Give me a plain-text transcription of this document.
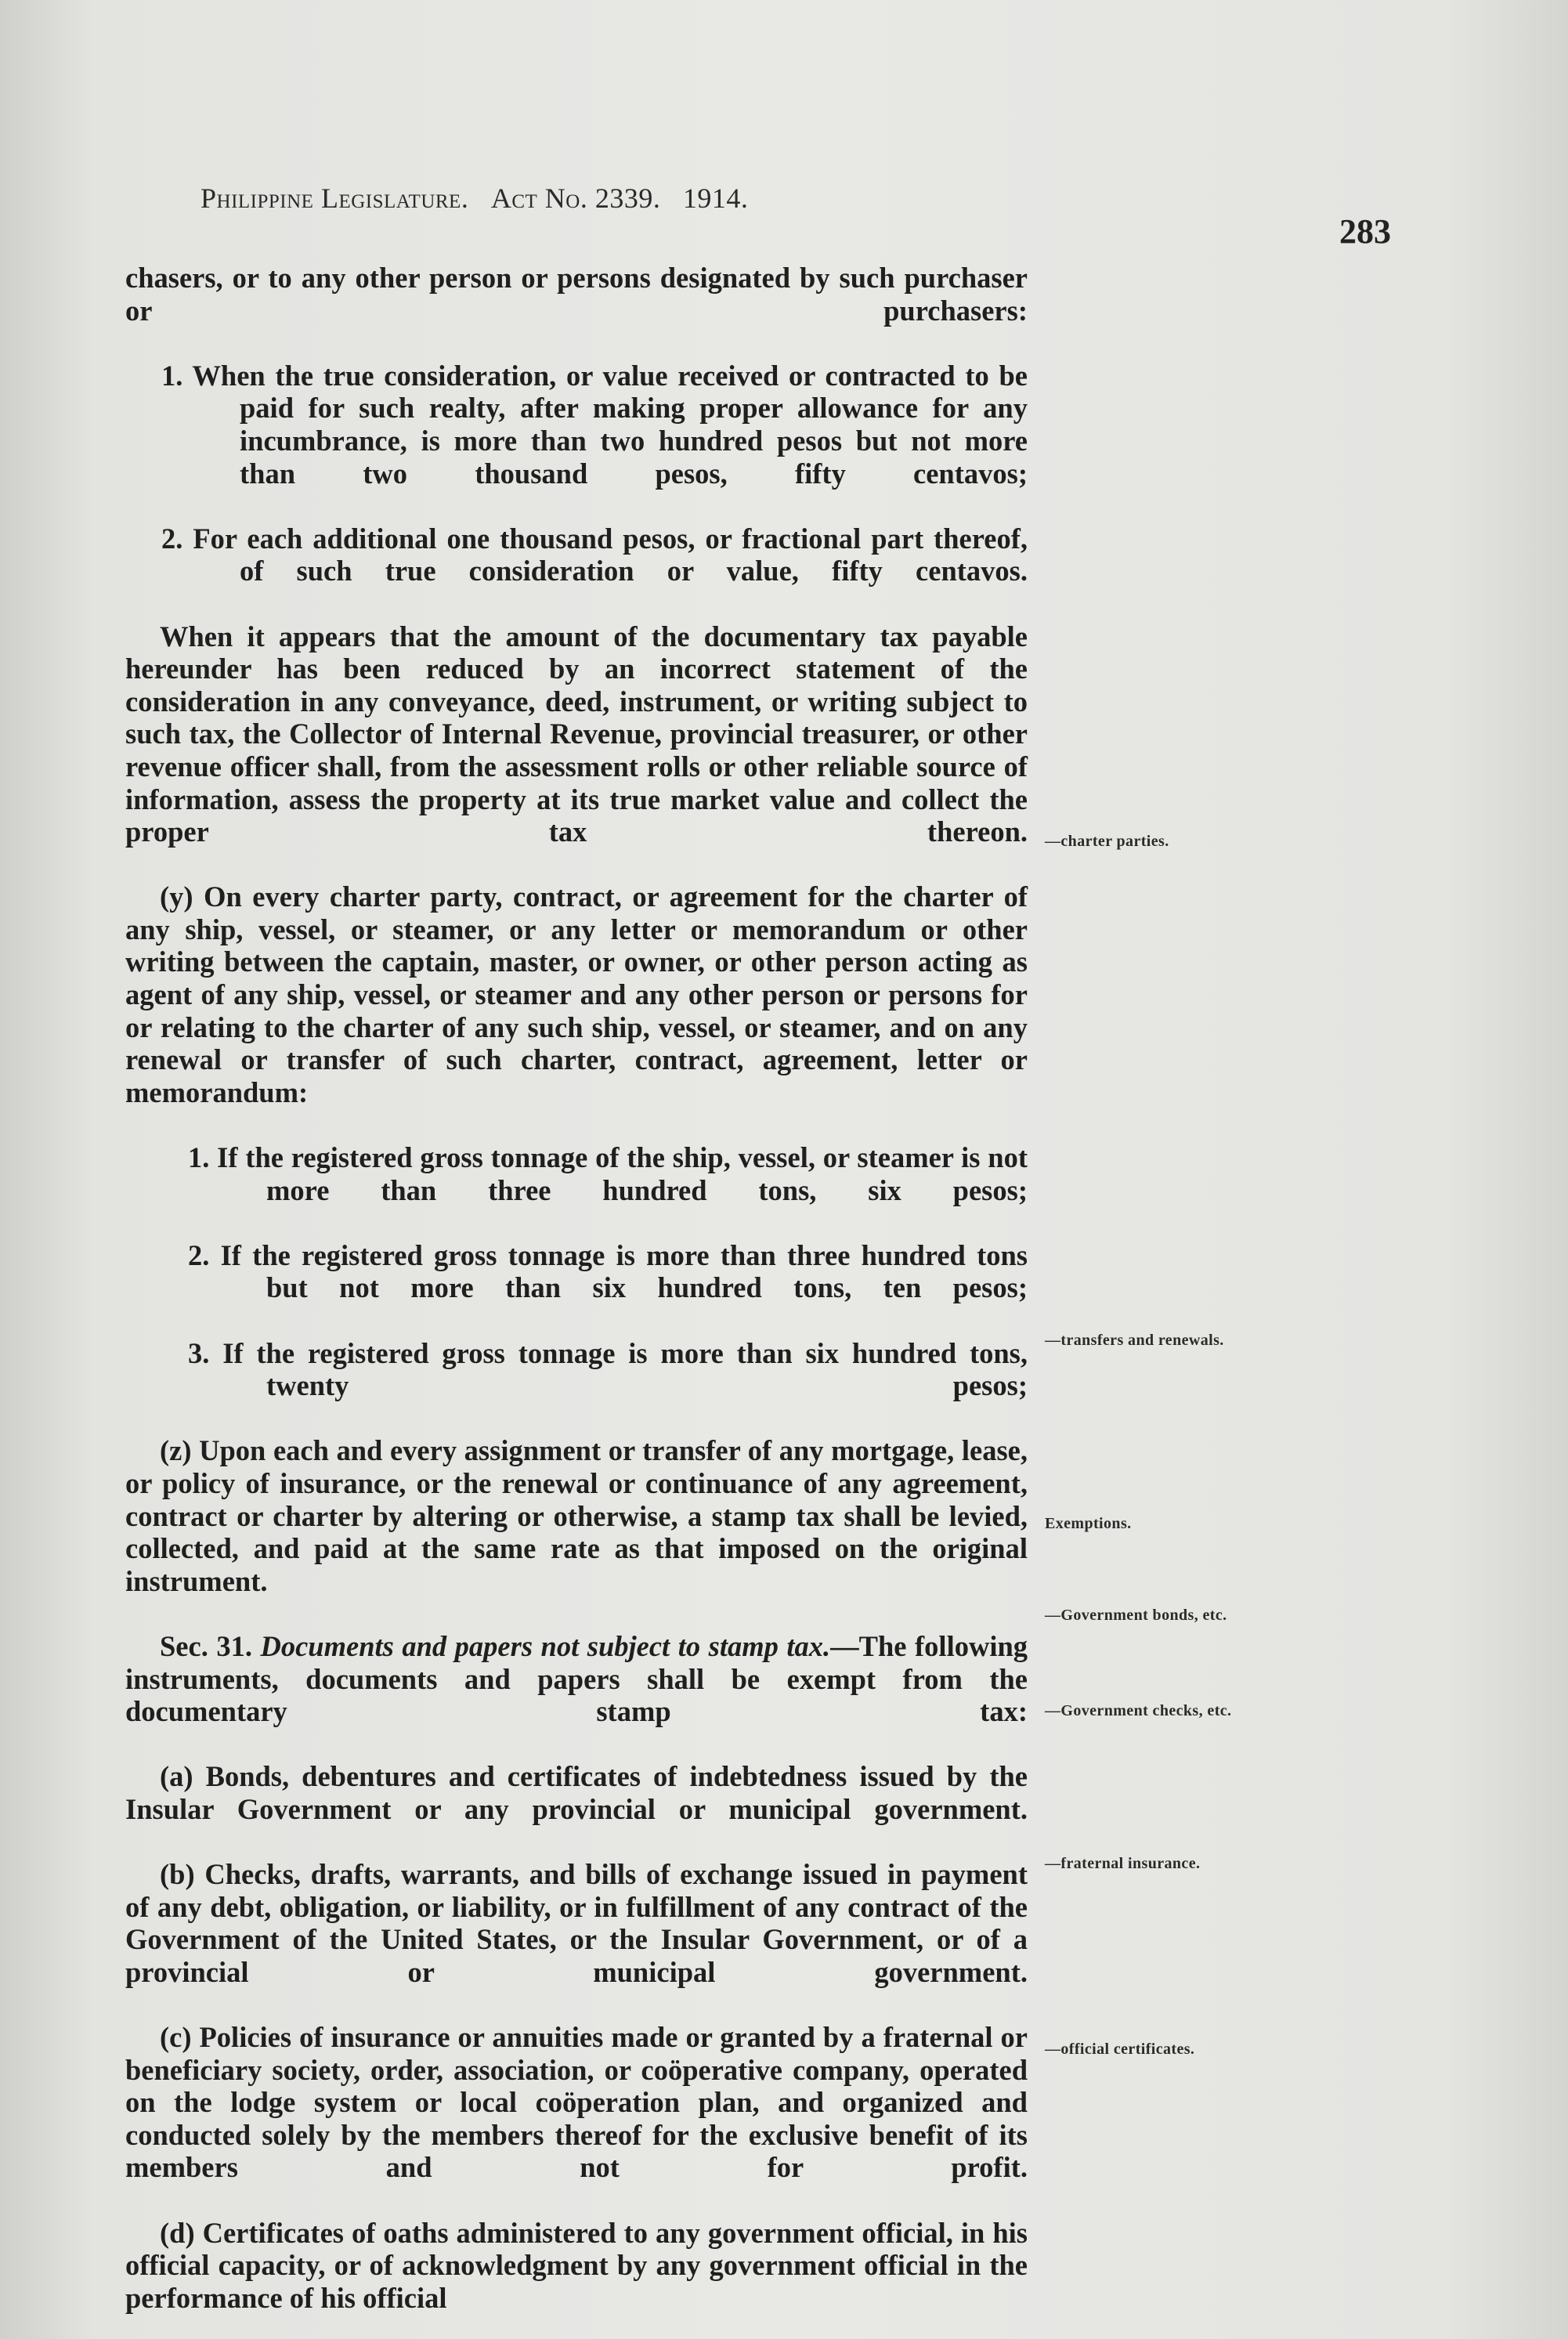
Philippine Legislature. Act No. 2339. 1914.
283

chasers, or to any other person or persons designated by such purchaser or purchasers:

1. When the true consideration, or value received or contracted to be paid for such realty, after making proper allowance for any incumbrance, is more than two hundred pesos but not more than two thousand pesos, fifty centavos;

2. For each additional one thousand pesos, or fractional part thereof, of such true consideration or value, fifty centavos.

When it appears that the amount of the documentary tax payable hereunder has been reduced by an incorrect statement of the consideration in any conveyance, deed, instrument, or writing subject to such tax, the Collector of Internal Revenue, provincial treasurer, or other revenue officer shall, from the assessment rolls or other reliable source of information, assess the property at its true market value and collect the proper tax thereon.

(y) On every charter party, contract, or agreement for the charter of any ship, vessel, or steamer, or any letter or memorandum or other writing between the captain, master, or owner, or other person acting as agent of any ship, vessel, or steamer and any other person or persons for or relating to the charter of any such ship, vessel, or steamer, and on any renewal or transfer of such charter, contract, agreement, letter or memorandum:

1. If the registered gross tonnage of the ship, vessel, or steamer is not more than three hundred tons, six pesos;

2. If the registered gross tonnage is more than three hundred tons but not more than six hundred tons, ten pesos;

3. If the registered gross tonnage is more than six hundred tons, twenty pesos;

(z) Upon each and every assignment or transfer of any mortgage, lease, or policy of insurance, or the renewal or continuance of any agreement, contract or charter by altering or otherwise, a stamp tax shall be levied, collected, and paid at the same rate as that imposed on the original instrument.

Sec. 31. Documents and papers not subject to stamp tax.—The following instruments, documents and papers shall be exempt from the documentary stamp tax:

(a) Bonds, debentures and certificates of indebtedness issued by the Insular Government or any provincial or municipal government.

(b) Checks, drafts, warrants, and bills of exchange issued in payment of any debt, obligation, or liability, or in fulfillment of any contract of the Government of the United States, or the Insular Government, or of a provincial or municipal government.

(c) Policies of insurance or annuities made or granted by a fraternal or beneficiary society, order, association, or coöperative company, operated on the lodge system or local coöperation plan, and organized and conducted solely by the members thereof for the exclusive benefit of its members and not for profit.

(d) Certificates of oaths administered to any government official, in his official capacity, or of acknowledgment by any government official in the performance of his official

—charter parties.
—transfers and renewals.
Exemptions.
—Government bonds, etc.
—Government checks, etc.
—fraternal insurance.
—official certificates.
